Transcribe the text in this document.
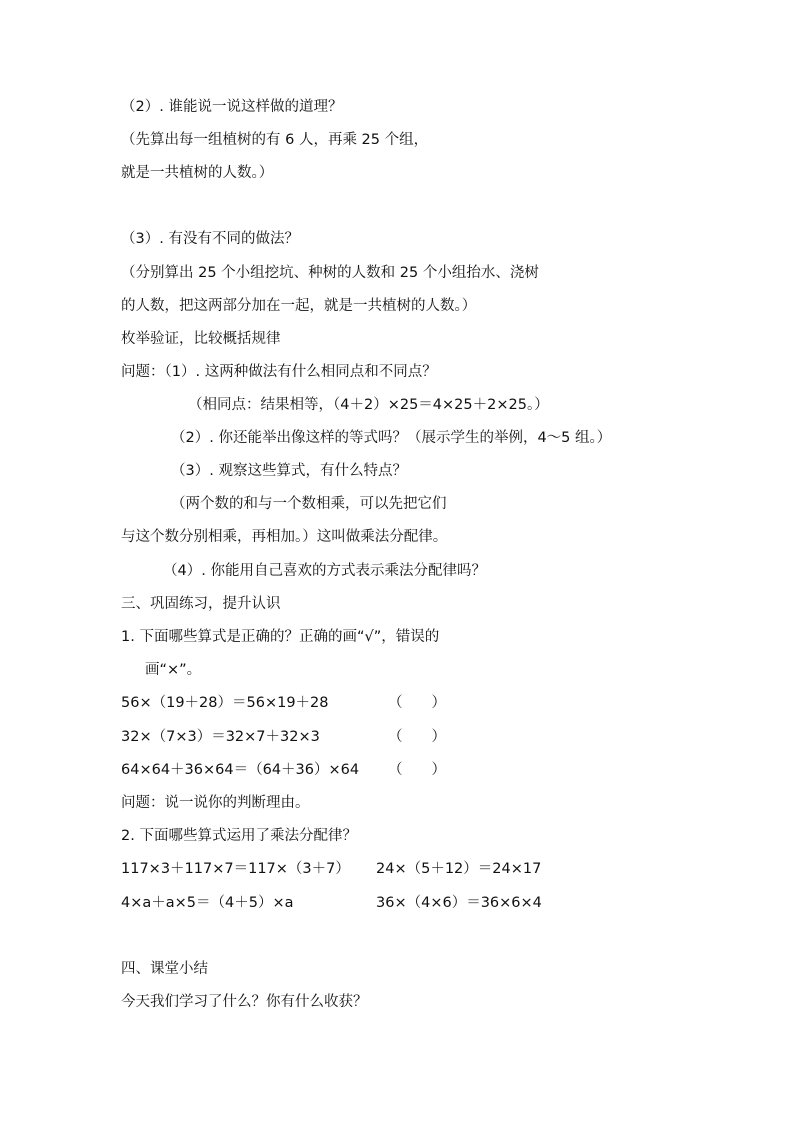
（2）. 谁能说一说这样做的道理？
（先算出每一组植树的有 6 人，再乘 25 个组，
就是一共植树的人数。）
（3）. 有没有不同的做法？
（分别算出 25 个小组挖坑、种树的人数和 25 个小组抬水、浇树
的人数，把这两部分加在一起，就是一共植树的人数。）
枚举验证，比较概括规律
问题：（1）. 这两种做法有什么相同点和不同点？
（相同点：结果相等，（4＋2）×25＝4×25＋2×25。）
（2）. 你还能举出像这样的等式吗？（展示学生的举例，4～5 组。）
（3）. 观察这些算式，有什么特点？
（两个数的和与一个数相乘，可以先把它们
与这个数分别相乘，再相加。）这叫做乘法分配律。
（4）. 你能用自己喜欢的方式表示乘法分配律吗？
三、巩固练习，提升认识
1. 下面哪些算式是正确的？正确的画“√”，错误的
画“×”。
56×（19＋28）＝56×19＋28	（　　）
32×（7×3）＝32×7＋32×3	（　　）
64×64＋36×64＝（64＋36）×64 （　　）
问题：说一说你的判断理由。
2. 下面哪些算式运用了乘法分配律？
117×3＋117×7＝117×（3＋7） 24×（5＋12）＝24×17
4×a＋a×5＝（4＋5）×a	36×（4×6）＝36×6×4
四、课堂小结
今天我们学习了什么？你有什么收获？
